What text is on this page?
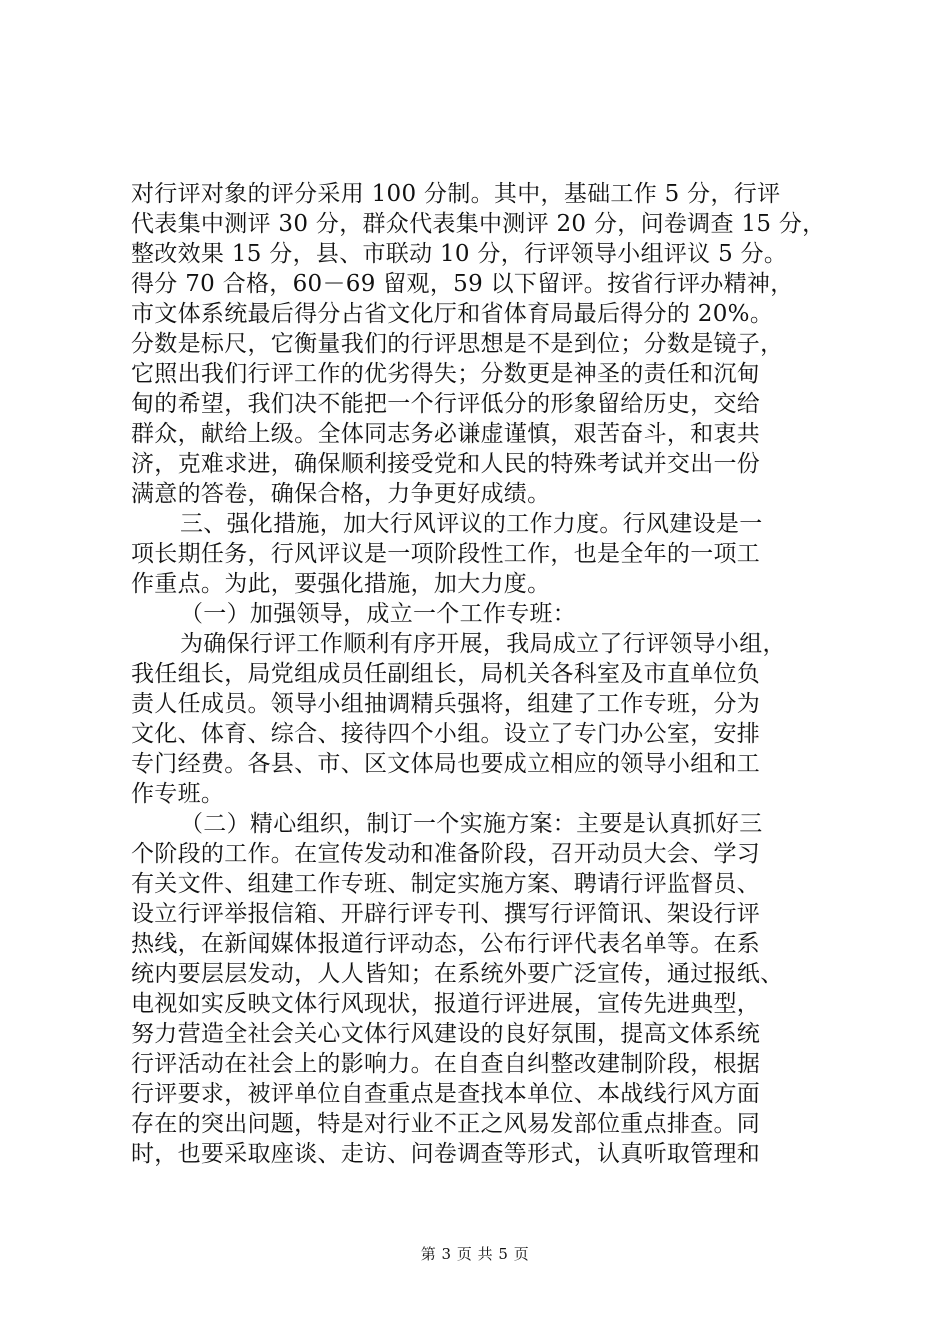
对行评对象的评分采用 100 分制。其中，基础工作 5 分，行评
代表集中测评 30 分，群众代表集中测评 20 分，问卷调查 15 分，
整改效果 15 分，县、市联动 10 分，行评领导小组评议 5 分。
得分 70 合格，60－69 留观，59 以下留评。按省行评办精神，
市文体系统最后得分占省文化厅和省体育局最后得分的 20%。
分数是标尺，它衡量我们的行评思想是不是到位；分数是镜子，
它照出我们行评工作的优劣得失；分数更是神圣的责任和沉甸
甸的希望，我们决不能把一个行评低分的形象留给历史，交给
群众，献给上级。全体同志务必谦虚谨慎，艰苦奋斗，和衷共
济，克难求进，确保顺利接受党和人民的特殊考试并交出一份
满意的答卷，确保合格，力争更好成绩。
三、强化措施，加大行风评议的工作力度。行风建设是一
项长期任务，行风评议是一项阶段性工作，也是全年的一项工
作重点。为此，要强化措施，加大力度。
（一）加强领导，成立一个工作专班：
为确保行评工作顺利有序开展，我局成立了行评领导小组，
我任组长，局党组成员任副组长，局机关各科室及市直单位负
责人任成员。领导小组抽调精兵强将，组建了工作专班，分为
文化、体育、综合、接待四个小组。设立了专门办公室，安排
专门经费。各县、市、区文体局也要成立相应的领导小组和工
作专班。
（二）精心组织，制订一个实施方案：主要是认真抓好三
个阶段的工作。在宣传发动和准备阶段，召开动员大会、学习
有关文件、组建工作专班、制定实施方案、聘请行评监督员、
设立行评举报信箱、开辟行评专刊、撰写行评简讯、架设行评
热线，在新闻媒体报道行评动态，公布行评代表名单等。在系
统内要层层发动，人人皆知；在系统外要广泛宣传，通过报纸、
电视如实反映文体行风现状，报道行评进展，宣传先进典型，
努力营造全社会关心文体行风建设的良好氛围，提高文体系统
行评活动在社会上的影响力。在自查自纠整改建制阶段，根据
行评要求，被评单位自查重点是查找本单位、本战线行风方面
存在的突出问题，特是对行业不正之风易发部位重点排查。同
时，也要采取座谈、走访、问卷调查等形式，认真听取管理和
第 3 页 共 5 页
